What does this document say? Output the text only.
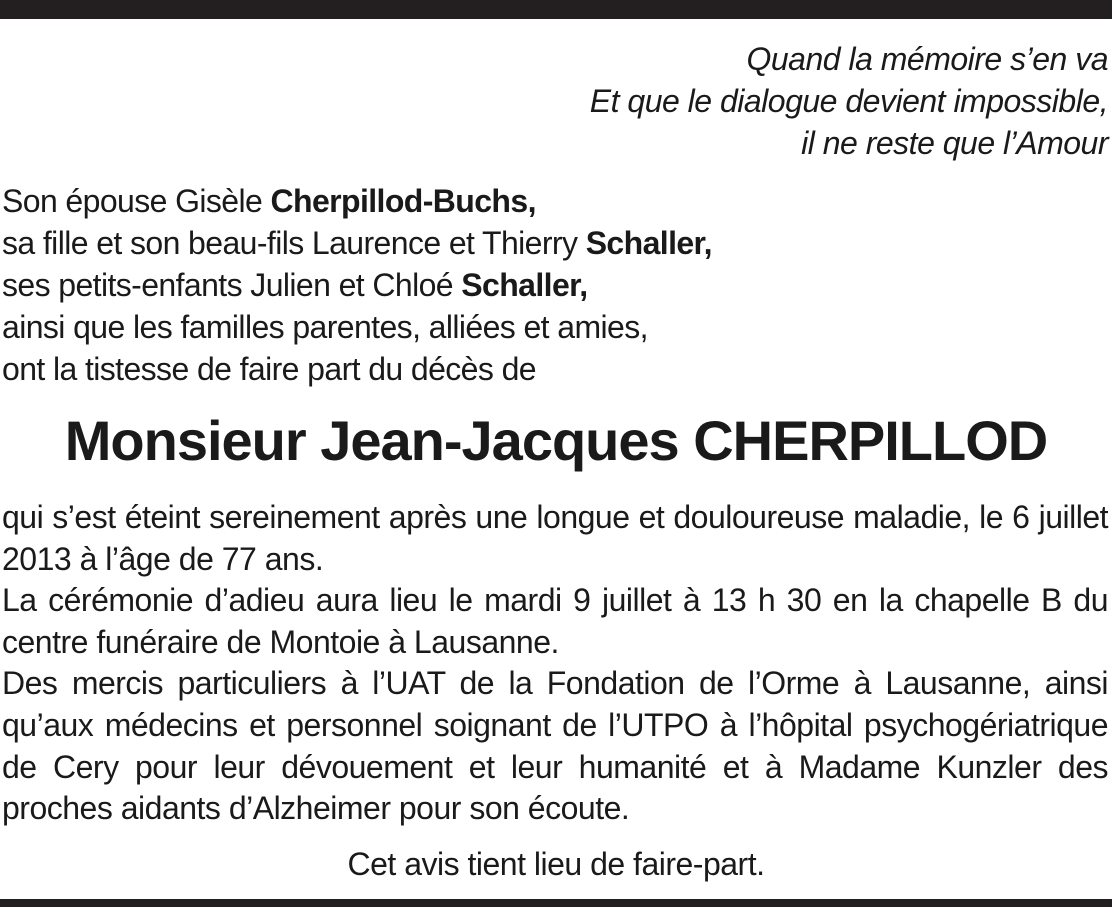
Quand la mémoire s’en va
Et que le dialogue devient impossible,
il ne reste que l’Amour
Son épouse Gisèle Cherpillod-Buchs,
sa fille et son beau-fils Laurence et Thierry Schaller,
ses petits-enfants Julien et Chloé Schaller,
ainsi que les familles parentes, alliées et amies,
ont la tistesse de faire part du décès de
Monsieur Jean-Jacques CHERPILLOD

qui s’est éteint sereinement après une longue et douloureuse maladie, le 6 juillet 2013 à l’âge de 77 ans.

La cérémonie d’adieu aura lieu le mardi 9 juillet à 13 h 30 en la chapelle B du centre funéraire de Montoie à Lausanne.

Des mercis particuliers à l’UAT de la Fondation de l’Orme à Lausanne, ainsi qu’aux médecins et personnel soignant de l’UTPO à l’hôpital psychogériatrique de Cery pour leur dévouement et leur humanité et à Madame Kunzler des proches aidants d’Alzheimer pour son écoute.

Cet avis tient lieu de faire-part.
